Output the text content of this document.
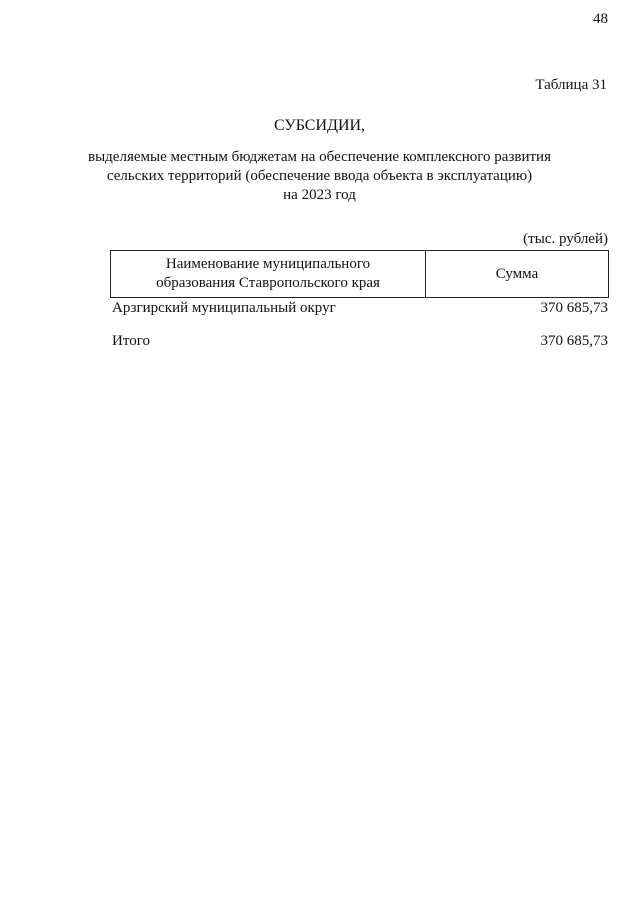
48
Таблица 31
СУБСИДИИ,
выделяемые местным бюджетам на обеспечение комплексного развития
сельских территорий (обеспечение ввода объекта в эксплуатацию)
на 2023 год
(тыс. рублей)
Наименование муниципального
образования Ставропольского края
	Сумма
Арзгирский муниципальный округ	370 685,73
Итого	370 685,73
